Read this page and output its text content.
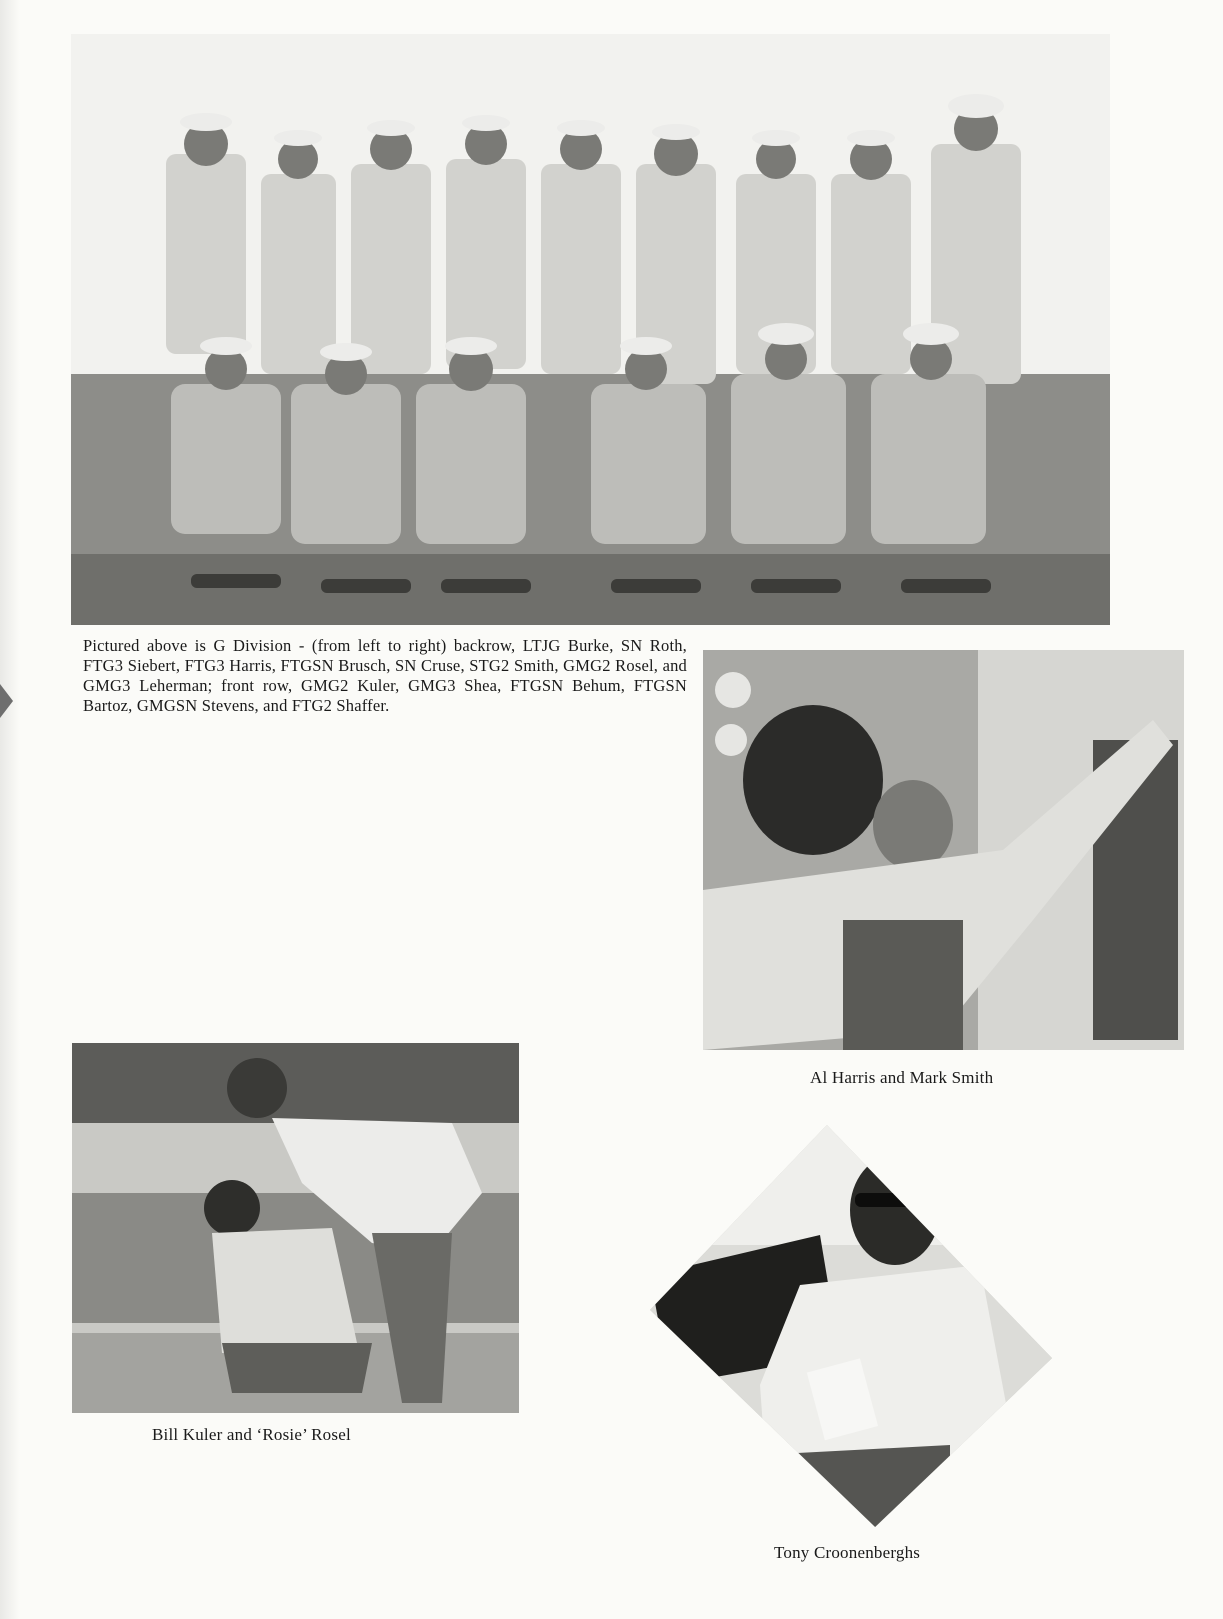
Pictured above is G Division - (from left to right) backrow, LTJG Burke, SN Roth, FTG3 Siebert, FTG3 Harris, FTGSN Brusch, SN Cruse, STG2 Smith, GMG2 Rosel, and GMG3 Leherman; front row, GMG2 Kuler, GMG3 Shea, FTGSN Behum, FTGSN Bartoz, GMGSN Stevens, and FTG2 Shaffer.
Al Harris and Mark Smith
Bill Kuler and ‘Rosie’ Rosel
Tony Croonenberghs
